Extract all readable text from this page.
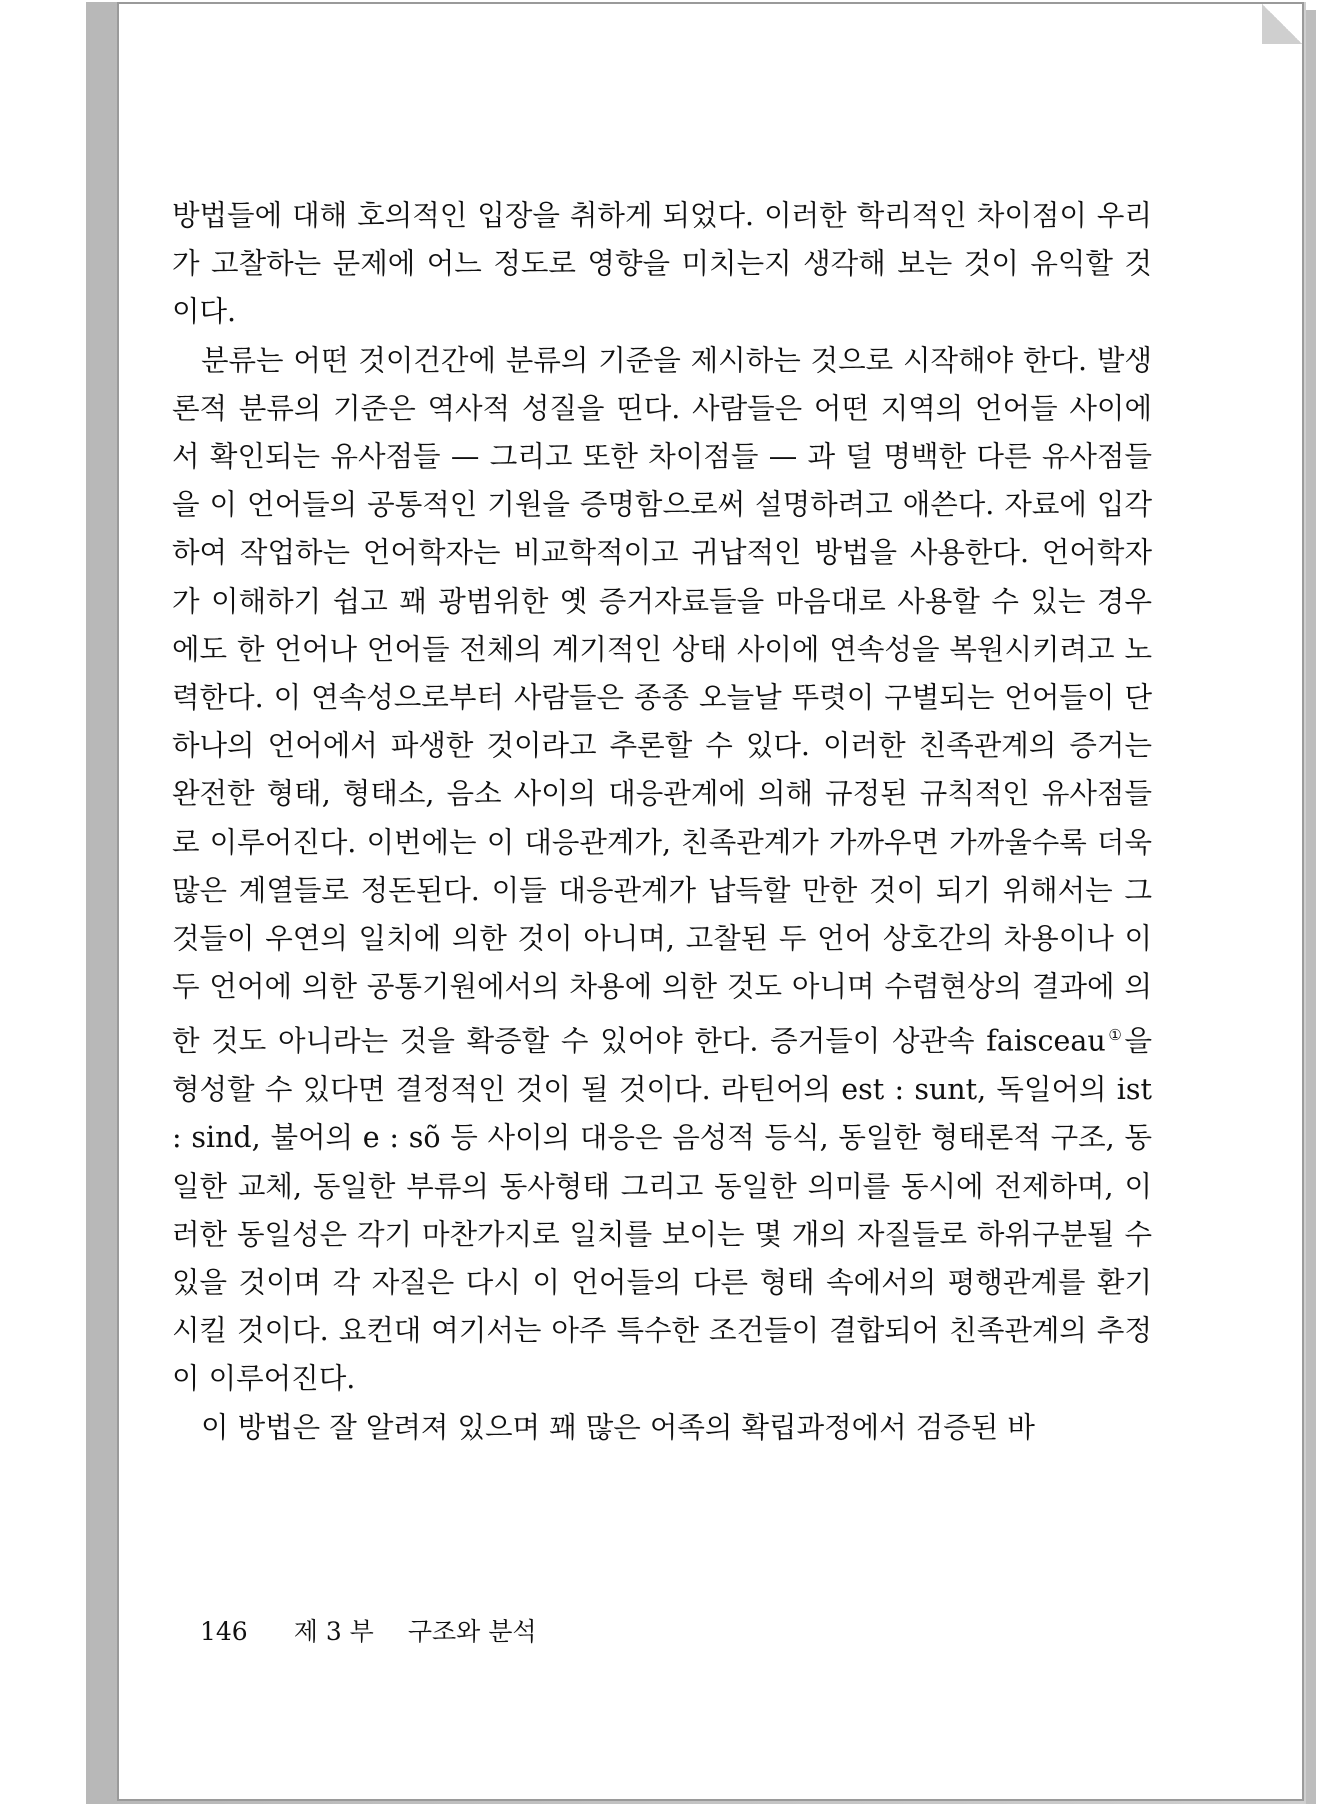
방법들에 대해 호의적인 입장을 취하게 되었다. 이러한 학리적인 차이점이 우리가 고찰하는 문제에 어느 정도로 영향을 미치는지 생각해 보는 것이 유익할 것이다.

분류는 어떤 것이건간에 분류의 기준을 제시하는 것으로 시작해야 한다. 발생론적 분류의 기준은 역사적 성질을 띤다. 사람들은 어떤 지역의 언어들 사이에서 확인되는 유사점들 — 그리고 또한 차이점들 — 과 덜 명백한 다른 유사점들을 이 언어들의 공통적인 기원을 증명함으로써 설명하려고 애쓴다. 자료에 입각하여 작업하는 언어학자는 비교학적이고 귀납적인 방법을 사용한다. 언어학자가 이해하기 쉽고 꽤 광범위한 옛 증거자료들을 마음대로 사용할 수 있는 경우에도 한 언어나 언어들 전체의 계기적인 상태 사이에 연속성을 복원시키려고 노력한다. 이 연속성으로부터 사람들은 종종 오늘날 뚜렷이 구별되는 언어들이 단 하나의 언어에서 파생한 것이라고 추론할 수 있다. 이러한 친족관계의 증거는 완전한 형태, 형태소, 음소 사이의 대응관계에 의해 규정된 규칙적인 유사점들로 이루어진다. 이번에는 이 대응관계가, 친족관계가 가까우면 가까울수록 더욱 많은 계열들로 정돈된다. 이들 대응관계가 납득할 만한 것이 되기 위해서는 그것들이 우연의 일치에 의한 것이 아니며, 고찰된 두 언어 상호간의 차용이나 이 두 언어에 의한 공통기원에서의 차용에 의한 것도 아니며 수렴현상의 결과에 의한 것도 아니라는 것을 확증할 수 있어야 한다. 증거들이 상관속 faisceau①을 형성할 수 있다면 결정적인 것이 될 것이다. 라틴어의 est : sunt, 독일어의 ist : sind, 불어의 e : sõ 등 사이의 대응은 음성적 등식, 동일한 형태론적 구조, 동일한 교체, 동일한 부류의 동사형태 그리고 동일한 의미를 동시에 전제하며, 이러한 동일성은 각기 마찬가지로 일치를 보이는 몇 개의 자질들로 하위구분될 수 있을 것이며 각 자질은 다시 이 언어들의 다른 형태 속에서의 평행관계를 환기시킬 것이다. 요컨대 여기서는 아주 특수한 조건들이 결합되어 친족관계의 추정이 이루어진다.

이 방법은 잘 알려져 있으며 꽤 많은 어족의 확립과정에서 검증된 바

146 제 3 부 구조와 분석
